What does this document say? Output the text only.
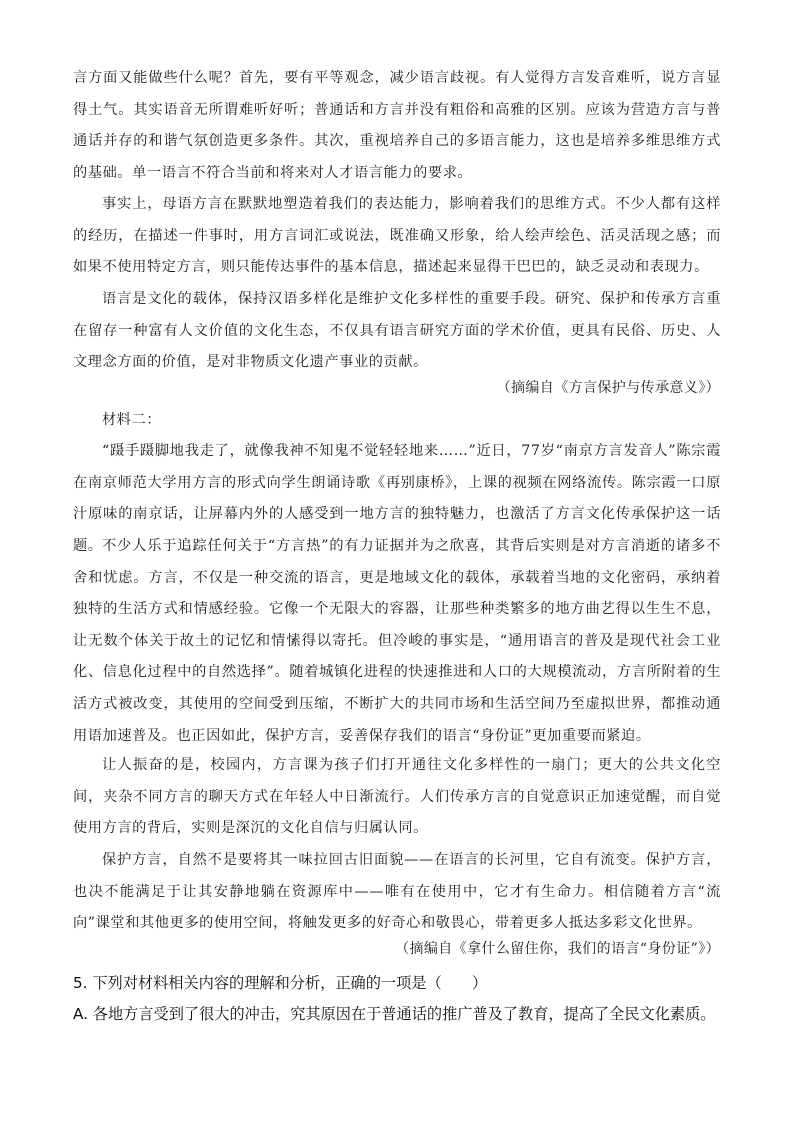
言方面又能做些什么呢？首先，要有平等观念，减少语言歧视。有人觉得方言发音难听，说方言显得土气。其实语音无所谓难听好听；普通话和方言并没有粗俗和高雅的区别。应该为营造方言与普通话并存的和谐气氛创造更多条件。其次，重视培养自己的多语言能力，这也是培养多维思维方式的基础。单一语言不符合当前和将来对人才语言能力的要求。
事实上，母语方言在默默地塑造着我们的表达能力，影响着我们的思维方式。不少人都有这样的经历，在描述一件事时，用方言词汇或说法，既准确又形象，给人绘声绘色、活灵活现之感；而如果不使用特定方言，则只能传达事件的基本信息，描述起来显得干巴巴的，缺乏灵动和表现力。
语言是文化的载体，保持汉语多样化是维护文化多样性的重要手段。研究、保护和传承方言重在留存一种富有人文价值的文化生态，不仅具有语言研究方面的学术价值，更具有民俗、历史、人文理念方面的价值，是对非物质文化遗产事业的贡献。
（摘编自《方言保护与传承意义》）
材料二：
“蹑手蹑脚地我走了，就像我神不知鬼不觉轻轻地来……”近日，77岁“南京方言发音人”陈宗霞在南京师范大学用方言的形式向学生朗诵诗歌《再别康桥》，上课的视频在网络流传。陈宗霞一口原汁原味的南京话，让屏幕内外的人感受到一地方言的独特魅力，也激活了方言文化传承保护这一话题。 不少人乐于追踪任何关于“方言热”的有力证据并为之欣喜，其背后实则是对方言消逝的诸多不舍和忧虑。方言，不仅是一种交流的语言，更是地域文化的载体，承载着当地的文化密码，承纳着独特的生活方式和情感经验。它像一个无限大的容器，让那些种类繁多的地方曲艺得以生生不息，让无数个体关于故土的记忆和情愫得以寄托。但冷峻的事实是，“通用语言的普及是现代社会工业化、信息化过程中的自然选择”。随着城镇化进程的快速推进和人口的大规模流动，方言所附着的生活方式被改变，其使用的空间受到压缩，不断扩大的共同市场和生活空间乃至虚拟世界，都推动通用语加速普及。也正因如此，保护方言，妥善保存我们的语言“身份证”更加重要而紧迫。
让人振奋的是，校园内，方言课为孩子们打开通往文化多样性的一扇门；更大的公共文化空间，夹杂不同方言的聊天方式在年轻人中日渐流行。人们传承方言的自觉意识正加速觉醒，而自觉使用方言的背后，实则是深沉的文化自信与归属认同。
保护方言，自然不是要将其一味拉回古旧面貌——在语言的长河里，它自有流变。保护方言，也决不能满足于让其安静地躺在资源库中——唯有在使用中，它才有生命力。相信随着方言“流向”课堂和其他更多的使用空间，将触发更多的好奇心和敬畏心，带着更多人抵达多彩文化世界。
（摘编自《拿什么留住你，我们的语言“身份证”》）
5. 下列对材料相关内容的理解和分析，正确的一项是（　　）
A. 各地方言受到了很大的冲击，究其原因在于普通话的推广普及了教育，提高了全民文化素质。
